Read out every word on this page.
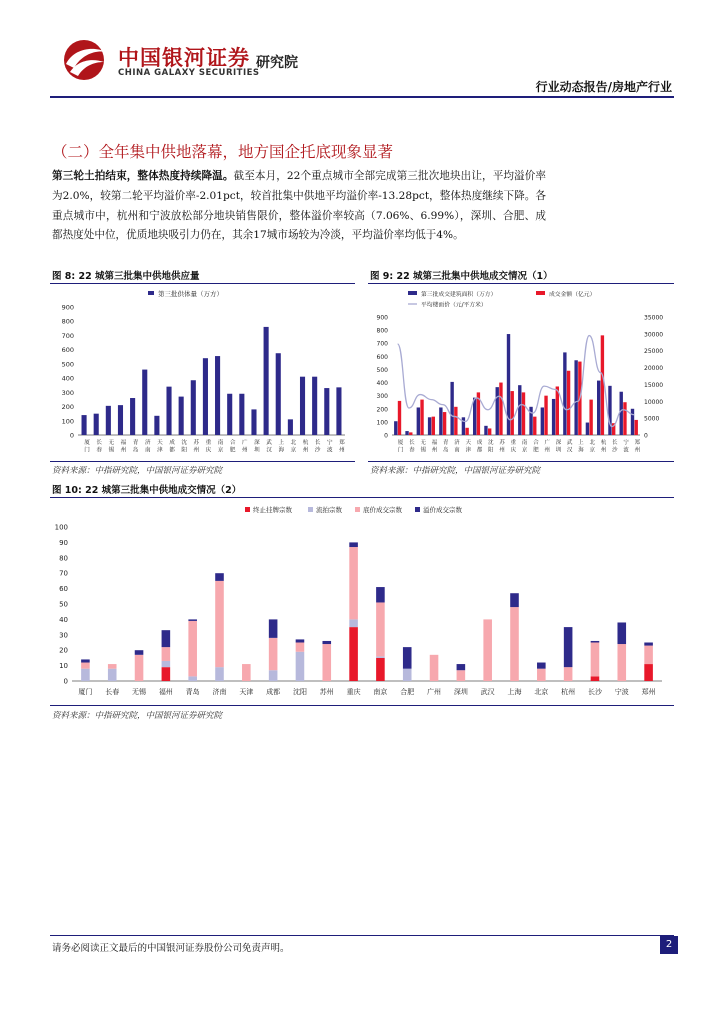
中国银河证券
CHINA GALAXY SECURITIES
研究院
行业动态报告/房地产行业
（二）全年集中供地落幕，地方国企托底现象显著
第三轮土拍结束，整体热度持续降温。截至本月，22个重点城市全部完成第三批次地块出让，平均溢价率为2.0%，较第二轮平均溢价率-2.01pct，较首批集中供地平均溢价率-13.28pct，整体热度继续下降。各重点城市中，杭州和宁波放松部分地块销售限价，整体溢价率较高（7.06%、6.99%），深圳、合肥、成都热度处中位，优质地块吸引力仍在，其余17城市场较为冷淡，平均溢价率均低于4%。
图 8: 22 城第三批集中供地供应量
0
100
200
300
400
500
600
700
800
900
厦
门
长
春
无
锡
福
州
青
岛
济
南
天
津
成
都
沈
阳
苏
州
重
庆
南
京
合
肥
广
州
深
圳
武
汉
上
海
北
京
杭
州
长
沙
宁
波
郑
州
第三批供体量（万方）
资料来源：中指研究院，中国银河证券研究院
图 9: 22 城第三批集中供地成交情况（1）
0
100
200
300
400
500
600
700
800
900
0
5000
10000
15000
20000
25000
30000
35000
厦
门
长
春
无
锡
福
州
青
岛
济
南
天
津
成
都
沈
阳
苏
州
重
庆
南
京
合
肥
广
州
深
圳
武
汉
上
海
北
京
杭
州
长
沙
宁
波
郑
州
第三批成交建筑面积（万方）	成交金额（亿元）
平均楼面价（元/平方米）
资料来源：中指研究院，中国银河证券研究院
图 10: 22 城第三批集中供地成交情况（2）
0
10
20
30
40
50
60
70
80
90
100
厦门 长春 无锡 福州 青岛 济南 天津 成都 沈阳 苏州 重庆 南京 合肥 广州 深圳 武汉 上海 北京 杭州 长沙 宁波 郑州
终止挂牌宗数	流拍宗数	底价成交宗数	溢价成交宗数
资料来源：中指研究院，中国银河证券研究院
请务必阅读正文最后的中国银河证券股份公司免责声明。	2
